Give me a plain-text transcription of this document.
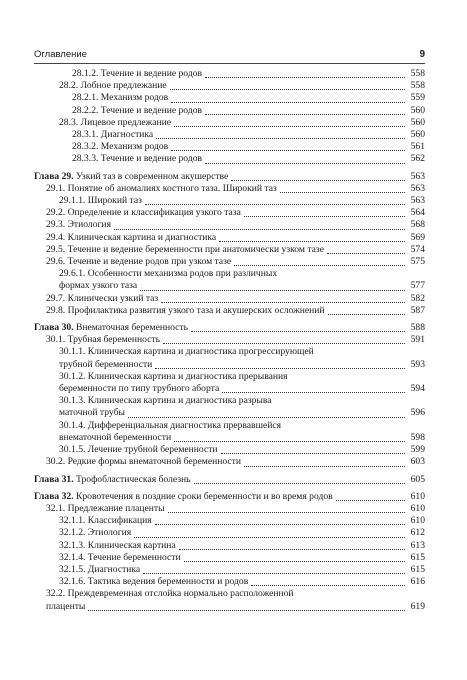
Оглавление	9
28.1.2. Течение и ведение родов	558
28.2. Лобное предлежание	558
28.2.1. Механизм родов	559
28.2.2. Течение и ведение родов	560
28.3. Лицевое предлежание	560
28.3.1. Диагностика	560
28.3.2. Механизм родов	561
28.3.3. Течение и ведение родов	562
Глава 29. Узкий таз в современном акушерстве	563
29.1. Понятие об аномалиях костного таза. Широкий таз	563
29.1.1. Широкий таз	563
29.2. Определение и классификация узкого таза	564
29.3. Этиология	568
29.4. Клиническая картина и диагностика	569
29.5. Течение и ведение беременности при анатомически узком тазе	574
29.6. Течение и ведение родов при узком тазе	575
29.6.1. Особенности механизма родов при различных
формах узкого таза	577
29.7. Клинически узкий таз	582
29.8. Профилактика развития узкого таза и акушерских осложнений	587
Глава 30. Внематочная беременность	588
30.1. Трубная беременность	591
30.1.1. Клиническая картина и диагностика прогрессирующей
трубной беременности	593
30.1.2. Клиническая картина и диагностика прерывания
беременности по типу трубного аборта	594
30.1.3. Клиническая картина и диагностика разрыва
маточной трубы	596
30.1.4. Дифференциальная диагностика прервавшейся
внематочной беременности	598
30.1.5. Лечение трубной беременности	599
30.2. Редкие формы внематочной беременности	603
Глава 31. Трофобластическая болезнь	605
Глава 32. Кровотечения в поздние сроки беременности и во время родов	610
32.1. Предлежание плаценты	610
32.1.1. Классификация	610
32.1.2. Этиология	612
32.1.3. Клиническая картина	613
32.1.4. Течение беременности	615
32.1.5. Диагностика	615
32.1.6. Тактика ведения беременности и родов	616
32.2. Преждевременная отслойка нормально расположенной
плаценты	619
